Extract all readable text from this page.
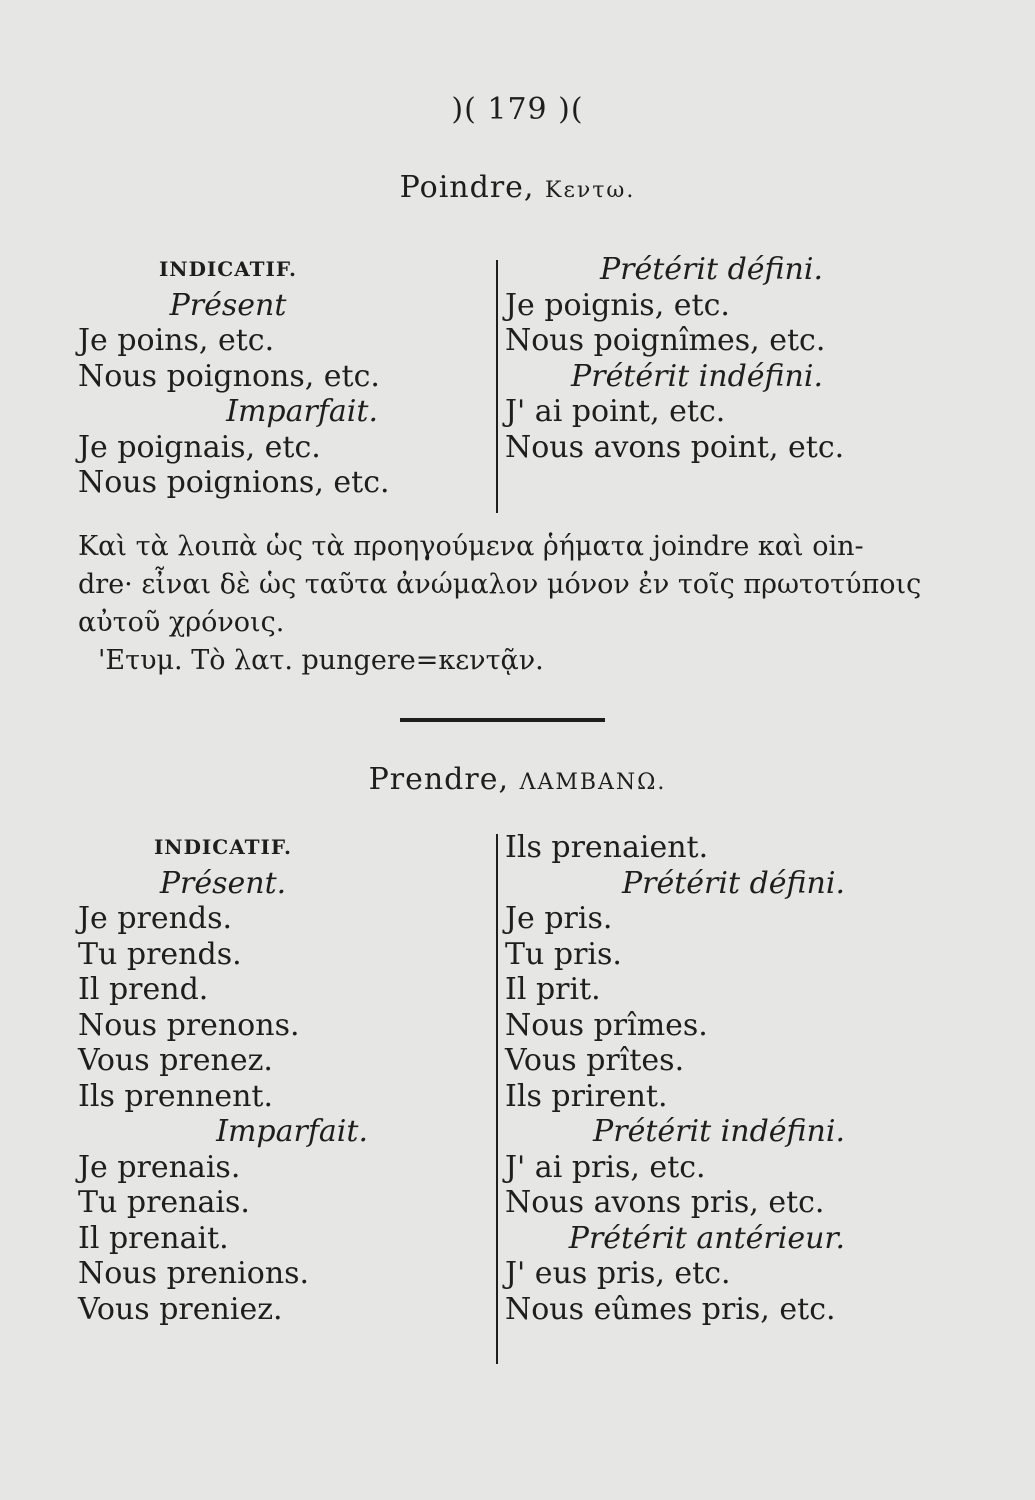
)( 179 )(
Poindre, Κεντω.
INDICATIF.
Présent
Je poins, etc.
Nous poignons, etc.
Imparfait.
Je poignais, etc.
Nous poignions, etc.
Prétérit défini.
Je poignis, etc.
Nous poignîmes, etc.
Prétérit indéfini.
J' ai point, etc.
Nous avons point, etc.

Καὶ τὰ λοιπὰ ὡς τὰ προηγούμενα ῥήματα joindre καὶ oin-

dre· εἶναι δὲ ὡς ταῦτα ἀνώμαλον μόνον ἐν τοῖς πρωτοτύποις

αὐτοῦ χρόνοις.

'Ετυμ. Τὸ λατ. pungere=κεντᾷν.

Prendre, ΛΑΜΒΑΝΩ.
INDICATIF.
Présent.
Je prends.
Tu prends.
Il prend.
Nous prenons.
Vous prenez.
Ils prennent.
Imparfait.
Je prenais.
Tu prenais.
Il prenait.
Nous prenions.
Vous preniez.
Ils prenaient.
Prétérit défini.
Je pris.
Tu pris.
Il prit.
Nous prîmes.
Vous prîtes.
Ils prirent.
Prétérit indéfini.
J' ai pris, etc.
Nous avons pris, etc.
Prétérit antérieur.
J' eus pris, etc.
Nous eûmes pris, etc.
